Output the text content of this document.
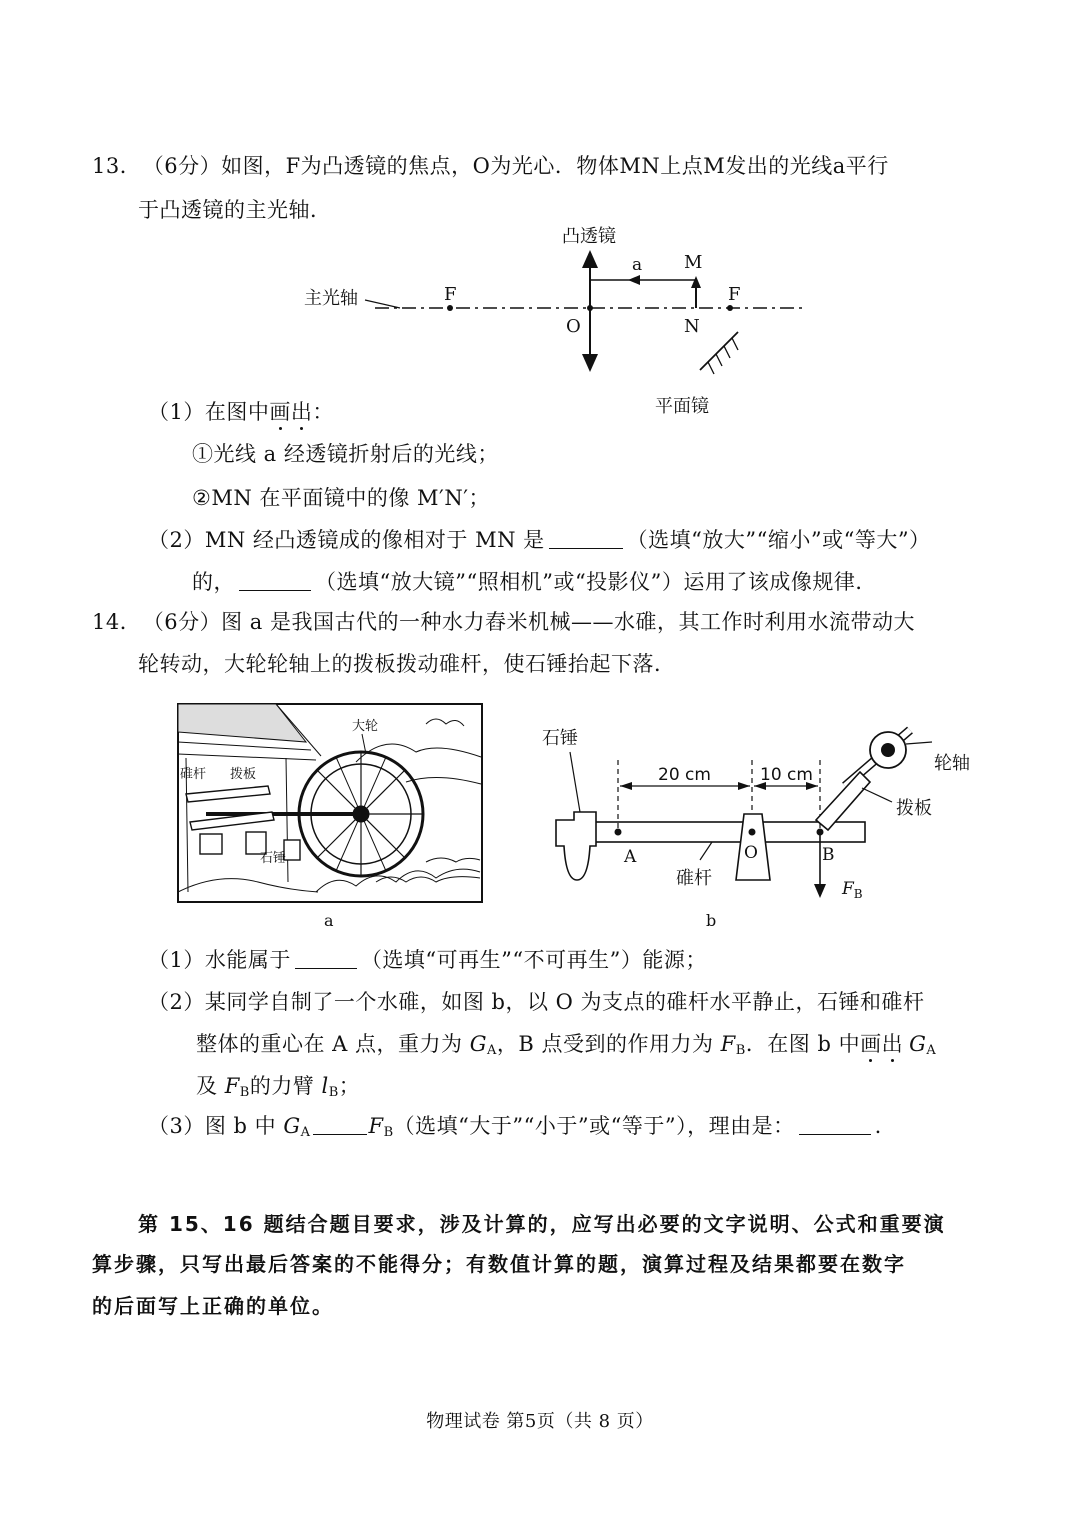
13． （6分）如图，F为凸透镜的焦点，O为光心．物体MN上点M发出的光线a平行
于凸透镜的主光轴．
主光轴	F
凸透镜
O
a M
N
F
平面镜
（1）在图中画出：
①光线 a 经透镜折射后的光线；
②MN 在平面镜中的像 M′N′；
（2）MN 经凸透镜成的像相对于 MN 是	（选填“放大”“缩小”或“等大”）
的，	（选填“放大镜”“照相机”或“投影仪”）运用了该成像规律．
14． （6分）图 a 是我国古代的一种水力舂米机械——水碓，其工作时利用水流带动大
轮转动，大轮轮轴上的拨板拨动碓杆，使石锤抬起下落．
大轮
碓杆 拨板
石锤
a
石锤
20 cm	10 cm
A	O
碓杆
B
$F_B$
轮轴
拨板
b
（1）水能属于	（选填“可再生”“不可再生”）能源；
（2）某同学自制了一个水碓，如图 b，以 O 为支点的碓杆水平静止，石锤和碓杆
整体的重心在 A 点，重力为 $G_A$，B 点受到的作用力为 $F_B$．在图 b 中画出 $G_A$
及 $F_B$的力臂 $l_B$；
（3）图 b 中 $G_A$	$F_B$（选填“大于”“小于”或“等于”），理由是：	.
第 15、16 题结合题目要求，涉及计算的，应写出必要的文字说明、公式和重要演
算步骤，只写出最后答案的不能得分；有数值计算的题，演算过程及结果都要在数字
的后面写上正确的单位。
物理试卷 第5页（共 8 页）
